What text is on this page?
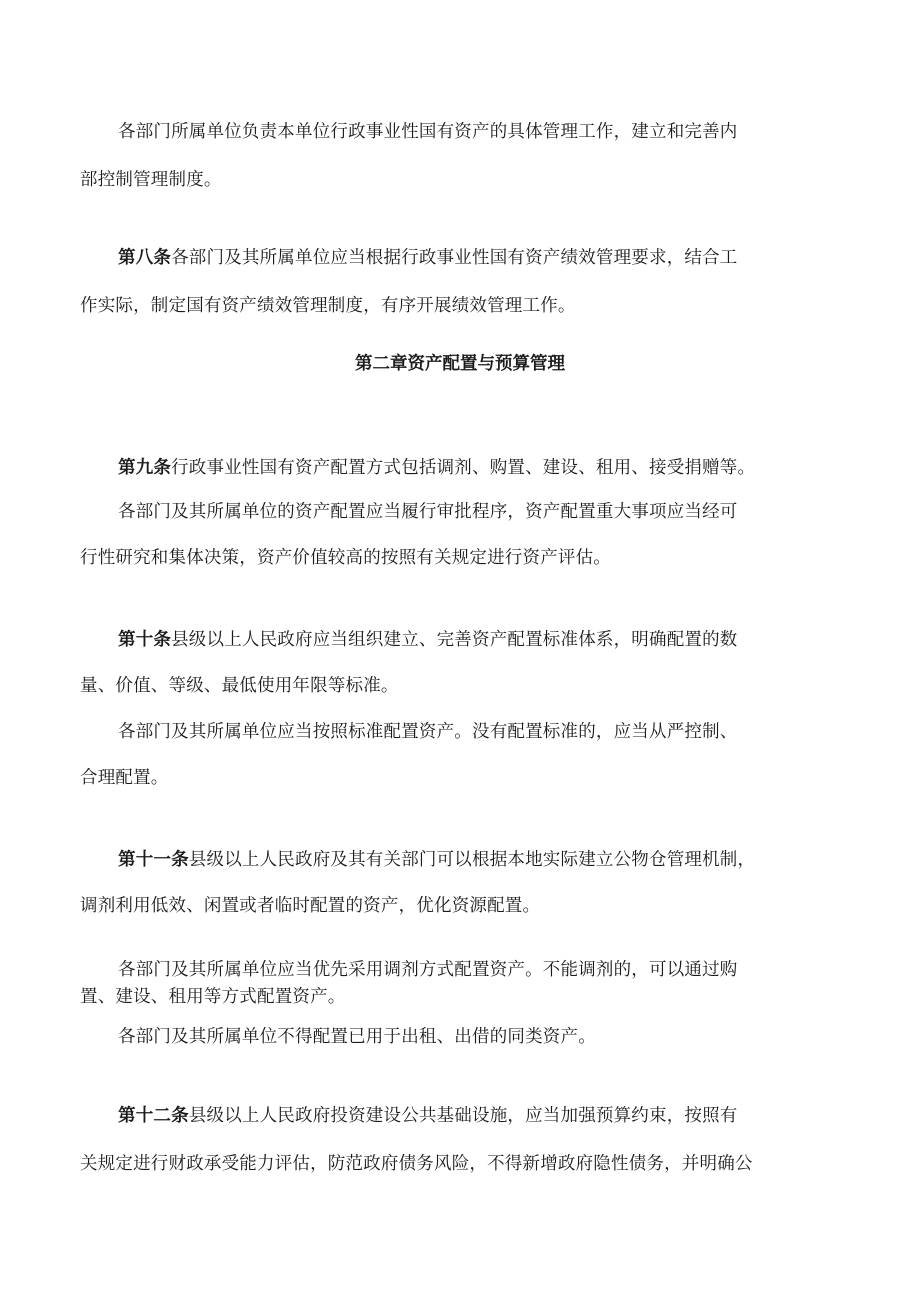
各部门所属单位负责本单位行政事业性国有资产的具体管理工作，建立和完善内
部控制管理制度。
第八条各部门及其所属单位应当根据行政事业性国有资产绩效管理要求，结合工
作实际，制定国有资产绩效管理制度，有序开展绩效管理工作。
第二章资产配置与预算管理
第九条行政事业性国有资产配置方式包括调剂、购置、建设、租用、接受捐赠等。
各部门及其所属单位的资产配置应当履行审批程序，资产配置重大事项应当经可
行性研究和集体决策，资产价值较高的按照有关规定进行资产评估。
第十条县级以上人民政府应当组织建立、完善资产配置标准体系，明确配置的数
量、价值、等级、最低使用年限等标准。
各部门及其所属单位应当按照标准配置资产。没有配置标准的，应当从严控制、
合理配置。
第十一条县级以上人民政府及其有关部门可以根据本地实际建立公物仓管理机制，
调剂利用低效、闲置或者临时配置的资产，优化资源配置。
各部门及其所属单位应当优先采用调剂方式配置资产。不能调剂的，可以通过购
置、建设、租用等方式配置资产。
各部门及其所属单位不得配置已用于出租、出借的同类资产。
第十二条县级以上人民政府投资建设公共基础设施，应当加强预算约束，按照有
关规定进行财政承受能力评估，防范政府债务风险，不得新增政府隐性债务，并明确公
